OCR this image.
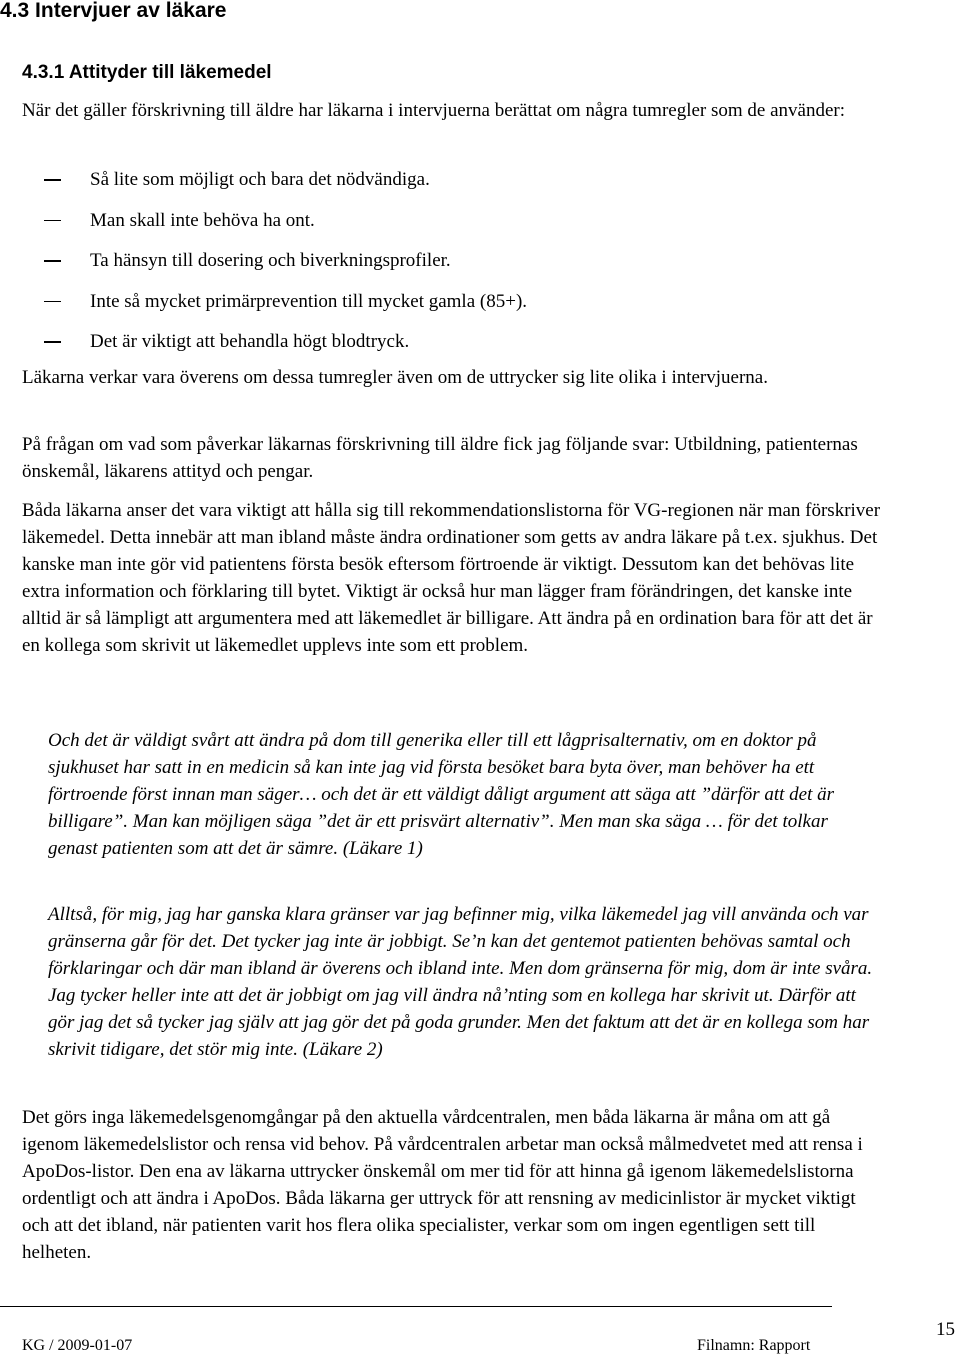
4.3 Intervjuer av läkare
4.3.1 Attityder till läkemedel

När det gäller förskrivning till äldre har läkarna i intervjuerna berättat om några tumregler som de använder:

Så lite som möjligt och bara det nödvändiga.
Man skall inte behöva ha ont.
Ta hänsyn till dosering och biverkningsprofiler.
Inte så mycket primärprevention till mycket gamla (85+).
Det är viktigt att behandla högt blodtryck.

Läkarna verkar vara överens om dessa tumregler även om de uttrycker sig lite olika i intervjuerna.

På frågan om vad som påverkar läkarnas förskrivning till äldre fick jag följande svar: Utbildning, patienternas önskemål, läkarens attityd och pengar.

Båda läkarna anser det vara viktigt att hålla sig till rekommendationslistorna för VG-regionen när man förskriver läkemedel. Detta innebär att man ibland måste ändra ordinationer som getts av andra läkare på t.ex. sjukhus. Det kanske man inte gör vid patientens första besök eftersom förtroende är viktigt. Dessutom kan det behövas lite extra information och förklaring till bytet. Viktigt är också hur man lägger fram förändringen, det kanske inte alltid är så lämpligt att argumentera med att läkemedlet är billigare. Att ändra på en ordination bara för att det är en kollega som skrivit ut läkemedlet upplevs inte som ett problem.

Och det är väldigt svårt att ändra på dom till generika eller till ett lågprisalternativ, om en doktor på sjukhuset har satt in en medicin så kan inte jag vid första besöket bara byta över, man behöver ha ett förtroende först innan man säger… och det är ett väldigt dåligt argument att säga att ”därför att det är billigare”. Man kan möjligen säga ”det är ett prisvärt alternativ”. Men man ska säga … för det tolkar genast patienten som att det är sämre. (Läkare 1)

Alltså, för mig, jag har ganska klara gränser var jag befinner mig, vilka läkemedel jag vill använda och var gränserna går för det. Det tycker jag inte är jobbigt. Se’n kan det gentemot patienten behövas samtal och förklaringar och där man ibland är överens och ibland inte. Men dom gränserna för mig, dom är inte svåra. Jag tycker heller inte att det är jobbigt om jag vill ändra nå’nting som en kollega har skrivit ut. Därför att gör jag det så tycker jag själv att jag gör det på goda grunder. Men det faktum att det är en kollega som har skrivit tidigare, det stör mig inte. (Läkare 2)

Det görs inga läkemedelsgenomgångar på den aktuella vårdcentralen, men båda läkarna är måna om att gå igenom läkemedelslistor och rensa vid behov. På vårdcentralen arbetar man också målmedvetet med att rensa i ApoDos-listor. Den ena av läkarna uttrycker önskemål om mer tid för att hinna gå igenom läkemedelslistorna ordentligt och att ändra i ApoDos. Båda läkarna ger uttryck för att rensning av medicinlistor är mycket viktigt och att det ibland, när patienten varit hos flera olika specialister, verkar som om ingen egentligen sett till helheten.

KG / 2009-01-07	Filnamn: Rapport
15
